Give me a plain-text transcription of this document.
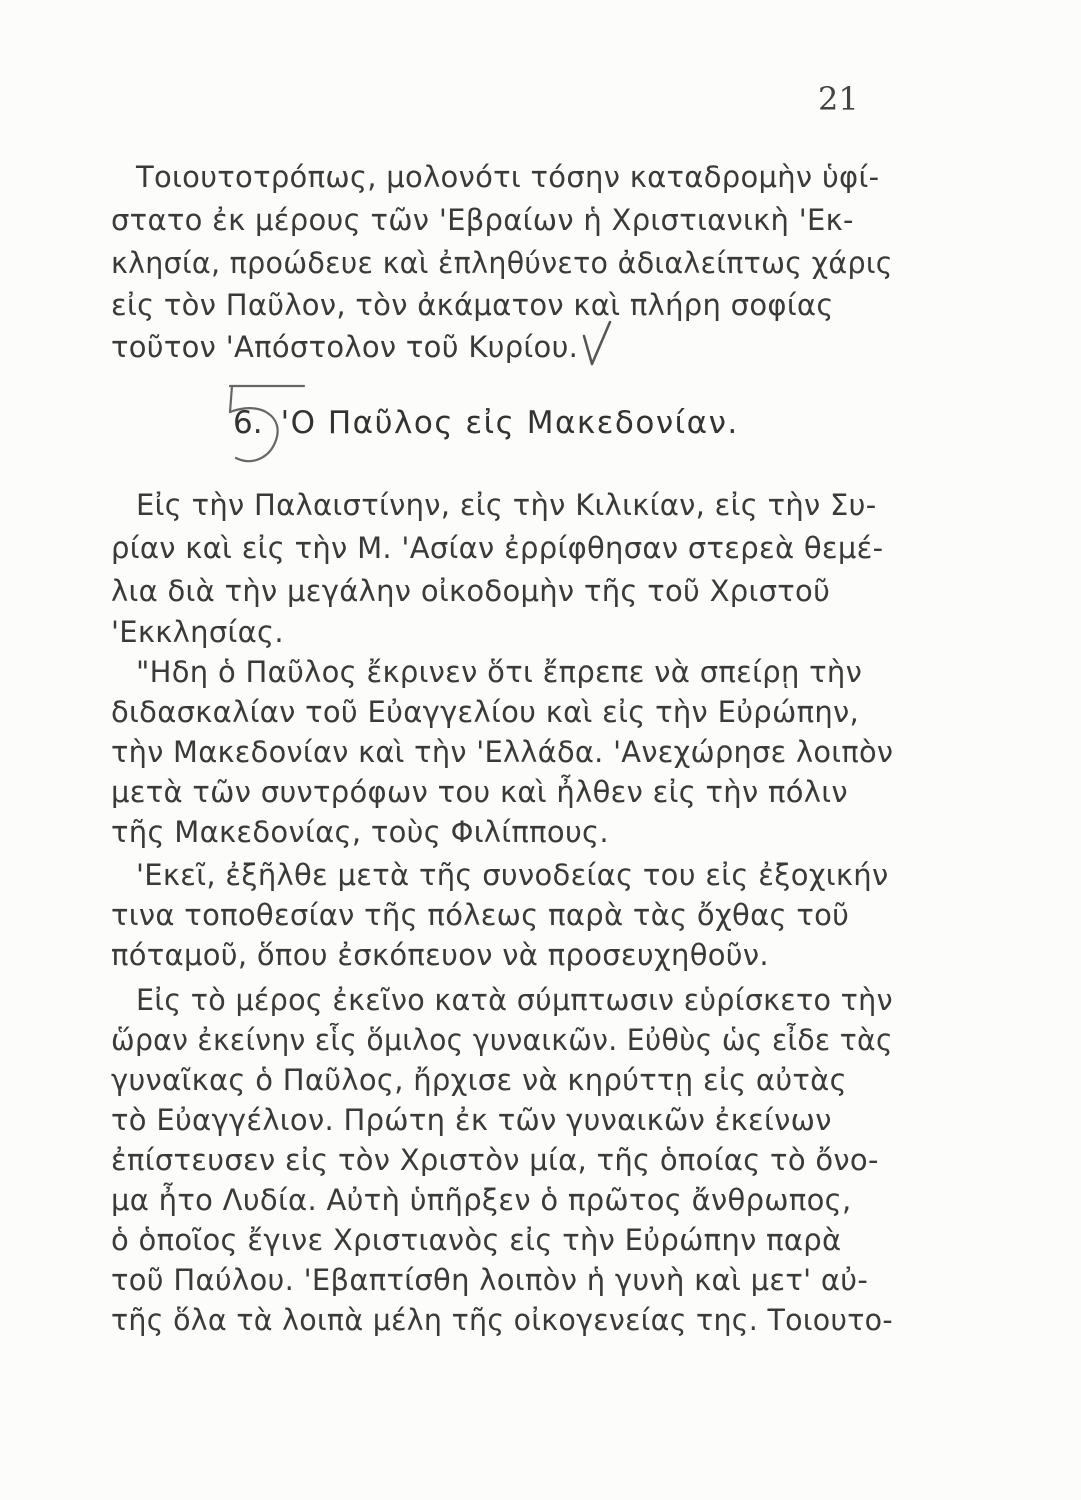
21
Τοιουτοτρόπως, μολονότι τόσην καταδρομὴν ὑφί-
στατο ἐκ μέρους τῶν 'Εβραίων ἡ Χριστιανικὴ 'Εκ-
κλησία, προώδευε καὶ ἐπληθύνετο ἀδιαλείπτως χάρις
εἰς τὸν Παῦλον, τὸν ἀκάματον καὶ πλήρη σοφίας
τοῦτον 'Απόστολον τοῦ Κυρίου.
6. 'Ο Παῦλος εἰς Μακεδονίαν.
Εἰς τὴν Παλαιστίνην, εἰς τὴν Κιλικίαν, εἰς τὴν Συ-
ρίαν καὶ εἰς τὴν Μ. 'Ασίαν ἐρρίφθησαν στερεὰ θεμέ-
λια διὰ τὴν μεγάλην οἰκοδομὴν τῆς τοῦ Χριστοῦ
'Εκκλησίας.
"Ηδη ὁ Παῦλος ἔκρινεν ὅτι ἔπρεπε νὰ σπείρῃ τὴν
διδασκαλίαν τοῦ Εὐαγγελίου καὶ εἰς τὴν Εὐρώπην,
τὴν Μακεδονίαν καὶ τὴν 'Ελλάδα. 'Ανεχώρησε λοιπὸν
μετὰ τῶν συντρόφων του καὶ ἦλθεν εἰς τὴν πόλιν
τῆς Μακεδονίας, τοὺς Φιλίππους.
'Εκεῖ, ἐξῆλθε μετὰ τῆς συνοδείας του εἰς ἐξοχικήν
τινα τοποθεσίαν τῆς πόλεως παρὰ τὰς ὄχθας τοῦ
πόταμοῦ, ὅπου ἐσκόπευον νὰ προσευχηθοῦν.
Εἰς τὸ μέρος ἐκεῖνο κατὰ σύμπτωσιν εὑρίσκετο τὴν
ὥραν ἐκείνην εἷς ὅμιλος γυναικῶν. Εὐθὺς ὡς εἶδε τὰς
γυναῖκας ὁ Παῦλος, ἤρχισε νὰ κηρύττῃ εἰς αὐτὰς
τὸ Εὐαγγέλιον. Πρώτη ἐκ τῶν γυναικῶν ἐκείνων
ἐπίστευσεν εἰς τὸν Χριστὸν μία, τῆς ὁποίας τὸ ὄνο-
μα ἦτο Λυδία. Αὐτὴ ὑπῆρξεν ὁ πρῶτος ἄνθρωπος,
ὁ ὁποῖος ἔγινε Χριστιανὸς εἰς τὴν Εὐρώπην παρὰ
τοῦ Παύλου. 'Εβαπτίσθη λοιπὸν ἡ γυνὴ καὶ μετ' αὐ-
τῆς ὅλα τὰ λοιπὰ μέλη τῆς οἰκογενείας της. Τοιουτο-
